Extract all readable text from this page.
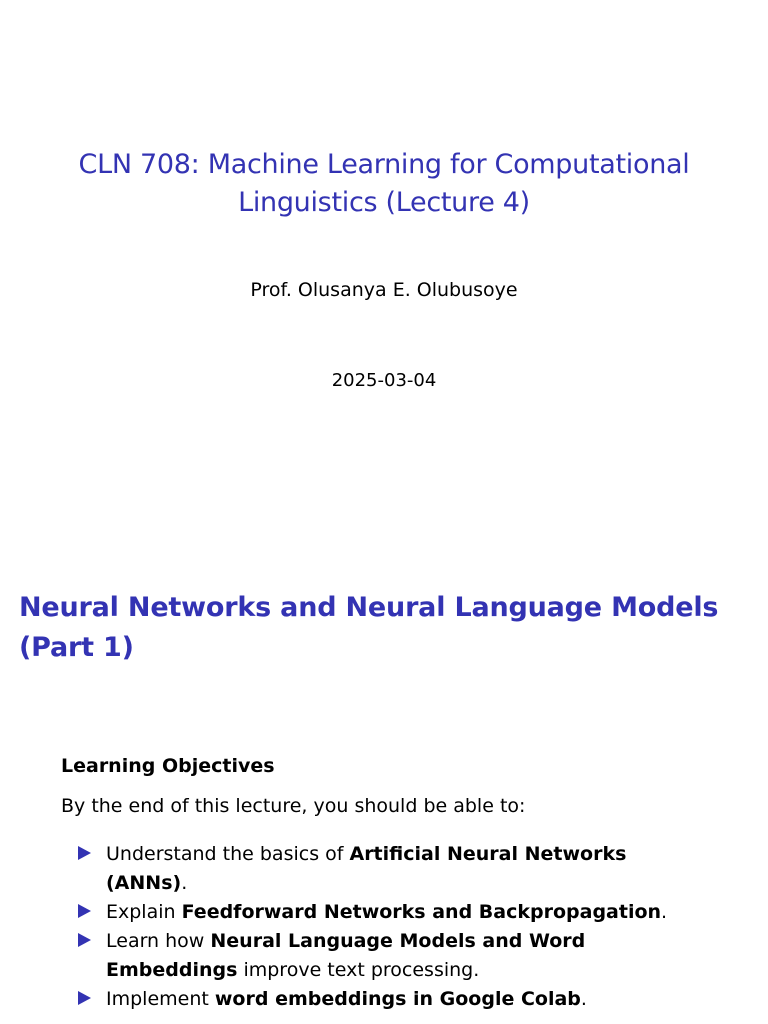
CLN 708: Machine Learning for Computational Linguistics (Lecture 4)
Prof. Olusanya E. Olubusoye
2025-03-04
Neural Networks and Neural Language Models (Part 1)
Learning Objectives
By the end of this lecture, you should be able to:
Understand the basics of Artificial Neural Networks (ANNs).
Explain Feedforward Networks and Backpropagation.
Learn how Neural Language Models and Word Embeddings improve text processing.
Implement word embeddings in Google Colab.
